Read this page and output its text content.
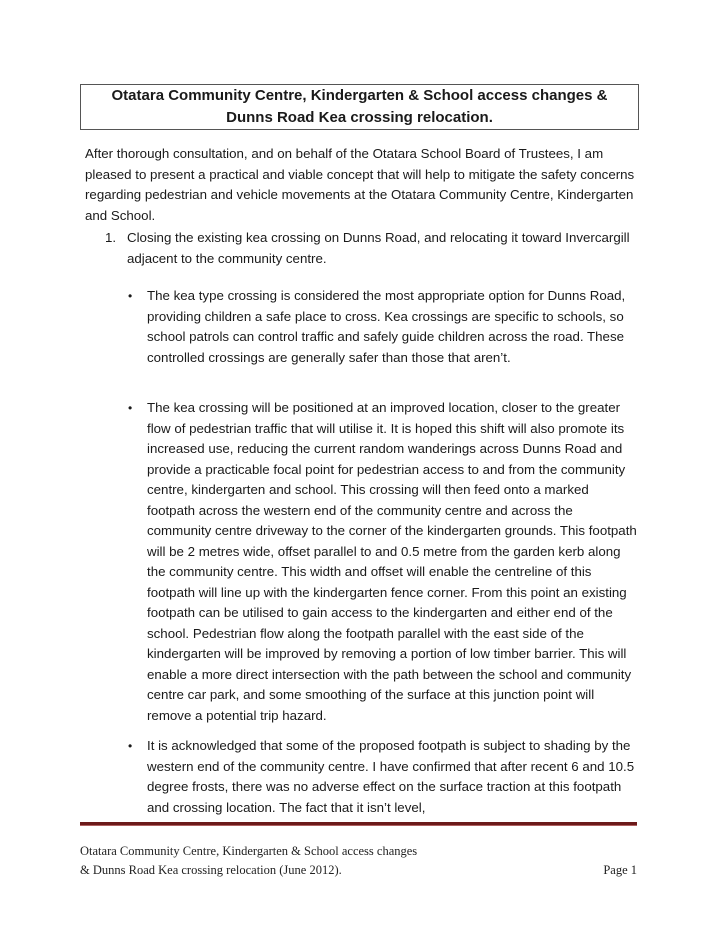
Otatara Community Centre, Kindergarten & School access changes &
Dunns Road Kea crossing relocation.

After thorough consultation, and on behalf of the Otatara School Board of Trustees, I am pleased to present a practical and viable concept that will help to mitigate the safety concerns regarding pedestrian and vehicle movements at the Otatara Community Centre, Kindergarten and School.

1. Closing the existing kea crossing on Dunns Road, and relocating it toward Invercargill adjacent to the community centre.
• The kea type crossing is considered the most appropriate option for Dunns Road, providing children a safe place to cross. Kea crossings are specific to schools, so school patrols can control traffic and safely guide children across the road. These controlled crossings are generally safer than those that aren’t.
• The kea crossing will be positioned at an improved location, closer to the greater flow of pedestrian traffic that will utilise it. It is hoped this shift will also promote its increased use, reducing the current random wanderings across Dunns Road and provide a practicable focal point for pedestrian access to and from the community centre, kindergarten and school. This crossing will then feed onto a marked footpath across the western end of the community centre and across the community centre driveway to the corner of the kindergarten grounds. This footpath will be 2 metres wide, offset parallel to and 0.5 metre from the garden kerb along the community centre. This width and offset will enable the centreline of this footpath will line up with the kindergarten fence corner. From this point an existing footpath can be utilised to gain access to the kindergarten and either end of the school. Pedestrian flow along the footpath parallel with the east side of the kindergarten will be improved by removing a portion of low timber barrier. This will enable a more direct intersection with the path between the school and community centre car park, and some smoothing of the surface at this junction point will remove a potential trip hazard.
• It is acknowledged that some of the proposed footpath is subject to shading by the western end of the community centre. I have confirmed that after recent 6 and 10.5 degree frosts, there was no adverse effect on the surface traction at this footpath and crossing location. The fact that it isn’t level,
Otatara Community Centre, Kindergarten & School access changes
& Dunns Road Kea crossing relocation (June 2012).	Page 1
